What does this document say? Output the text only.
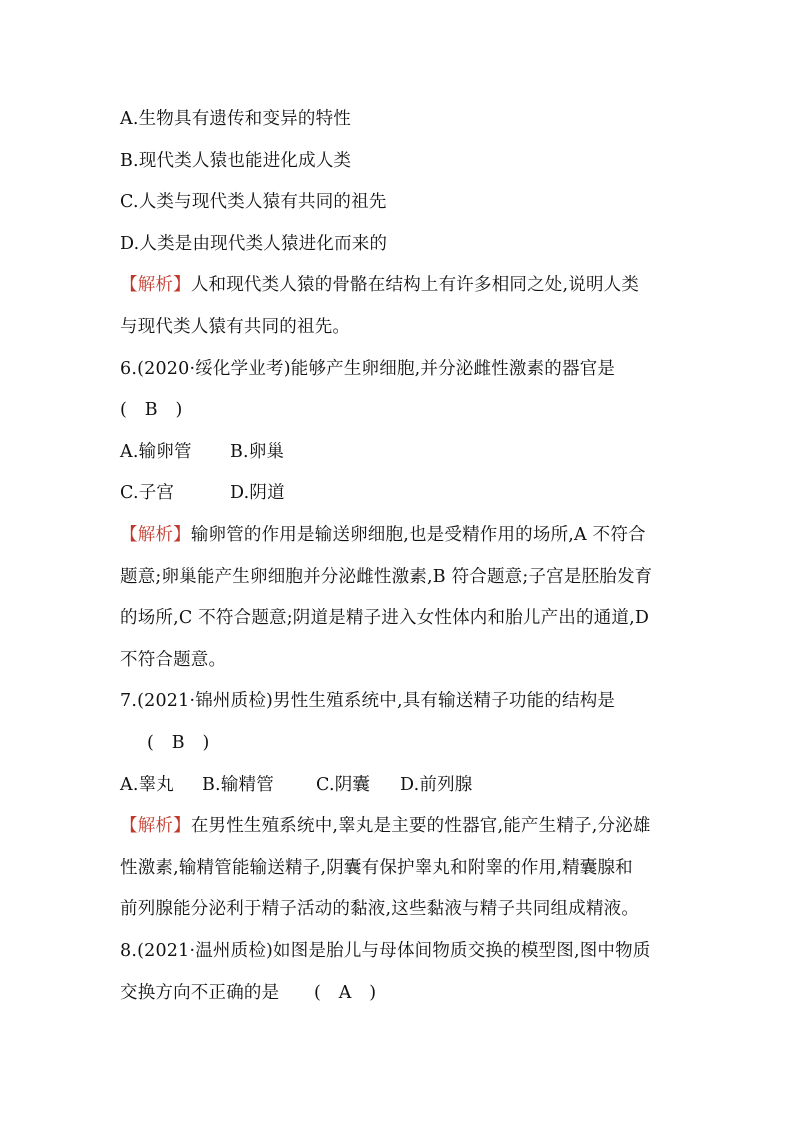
A.生物具有遗传和变异的特性
B.现代类人猿也能进化成人类
C.人类与现代类人猿有共同的祖先
D.人类是由现代类人猿进化而来的
【解析】人和现代类人猿的骨骼在结构上有许多相同之处,说明人类
与现代类人猿有共同的祖先。
6.(2020·绥化学业考)能够产生卵细胞,并分泌雌性激素的器官是
(　B　)
A.输卵管 B.卵巢
C.子宫	D.阴道
【解析】输卵管的作用是输送卵细胞,也是受精作用的场所,A 不符合
题意;卵巢能产生卵细胞并分泌雌性激素,B 符合题意;子宫是胚胎发育
的场所,C 不符合题意;阴道是精子进入女性体内和胎儿产出的通道,D
不符合题意。
7.(2021·锦州质检)男性生殖系统中,具有输送精子功能的结构是
(　B　)
A.睾丸 B.输精管 C.阴囊 D.前列腺
【解析】在男性生殖系统中,睾丸是主要的性器官,能产生精子,分泌雄
性激素,输精管能输送精子,阴囊有保护睾丸和附睾的作用,精囊腺和
前列腺能分泌利于精子活动的黏液,这些黏液与精子共同组成精液。
8.(2021·温州质检)如图是胎儿与母体间物质交换的模型图,图中物质
交换方向不正确的是 (　A　)
